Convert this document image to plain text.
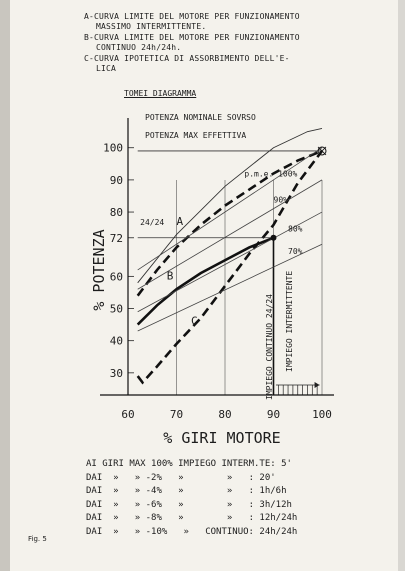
A-CURVA LIMITE DEL MOTORE PER FUNZIONAMENTO
MASSIMO INTERMITTENTE.
B-CURVA LIMITE DEL MOTORE PER FUNZIONAMENTO
CONTINUO 24h/24h.
C-CURVA IPOTETICA DI ASSORBIMENTO DELL'E-
LICA
TOMEI DIAGRAMMA
A
B
C
24/24
p.m.e. 100%
90%
80%
70%
60	70	80	90	100
100
90
80
72
60
50
40
30
% POTENZA
% GIRI MOTORE
POTENZA NOMINALE SOVRSO
POTENZA MAX EFFETTIVA
IMPIEGO CONTINUO 24/24 IMPIEGO INTERMITTENTE
AI GIRI MAX 100% IMPIEGO INTERM.TE: 5'
DAI  »   » -2%   »        » : 20'
DAI  »   » -4%   »        » : 1h/6h
DAI  »   » -6%   »        » : 3h/12h
DAI  »   » -8%   »        » : 12h/24h
DAI  »   » -10%   »   CONTINUO: 24h/24h
Fig. 5
